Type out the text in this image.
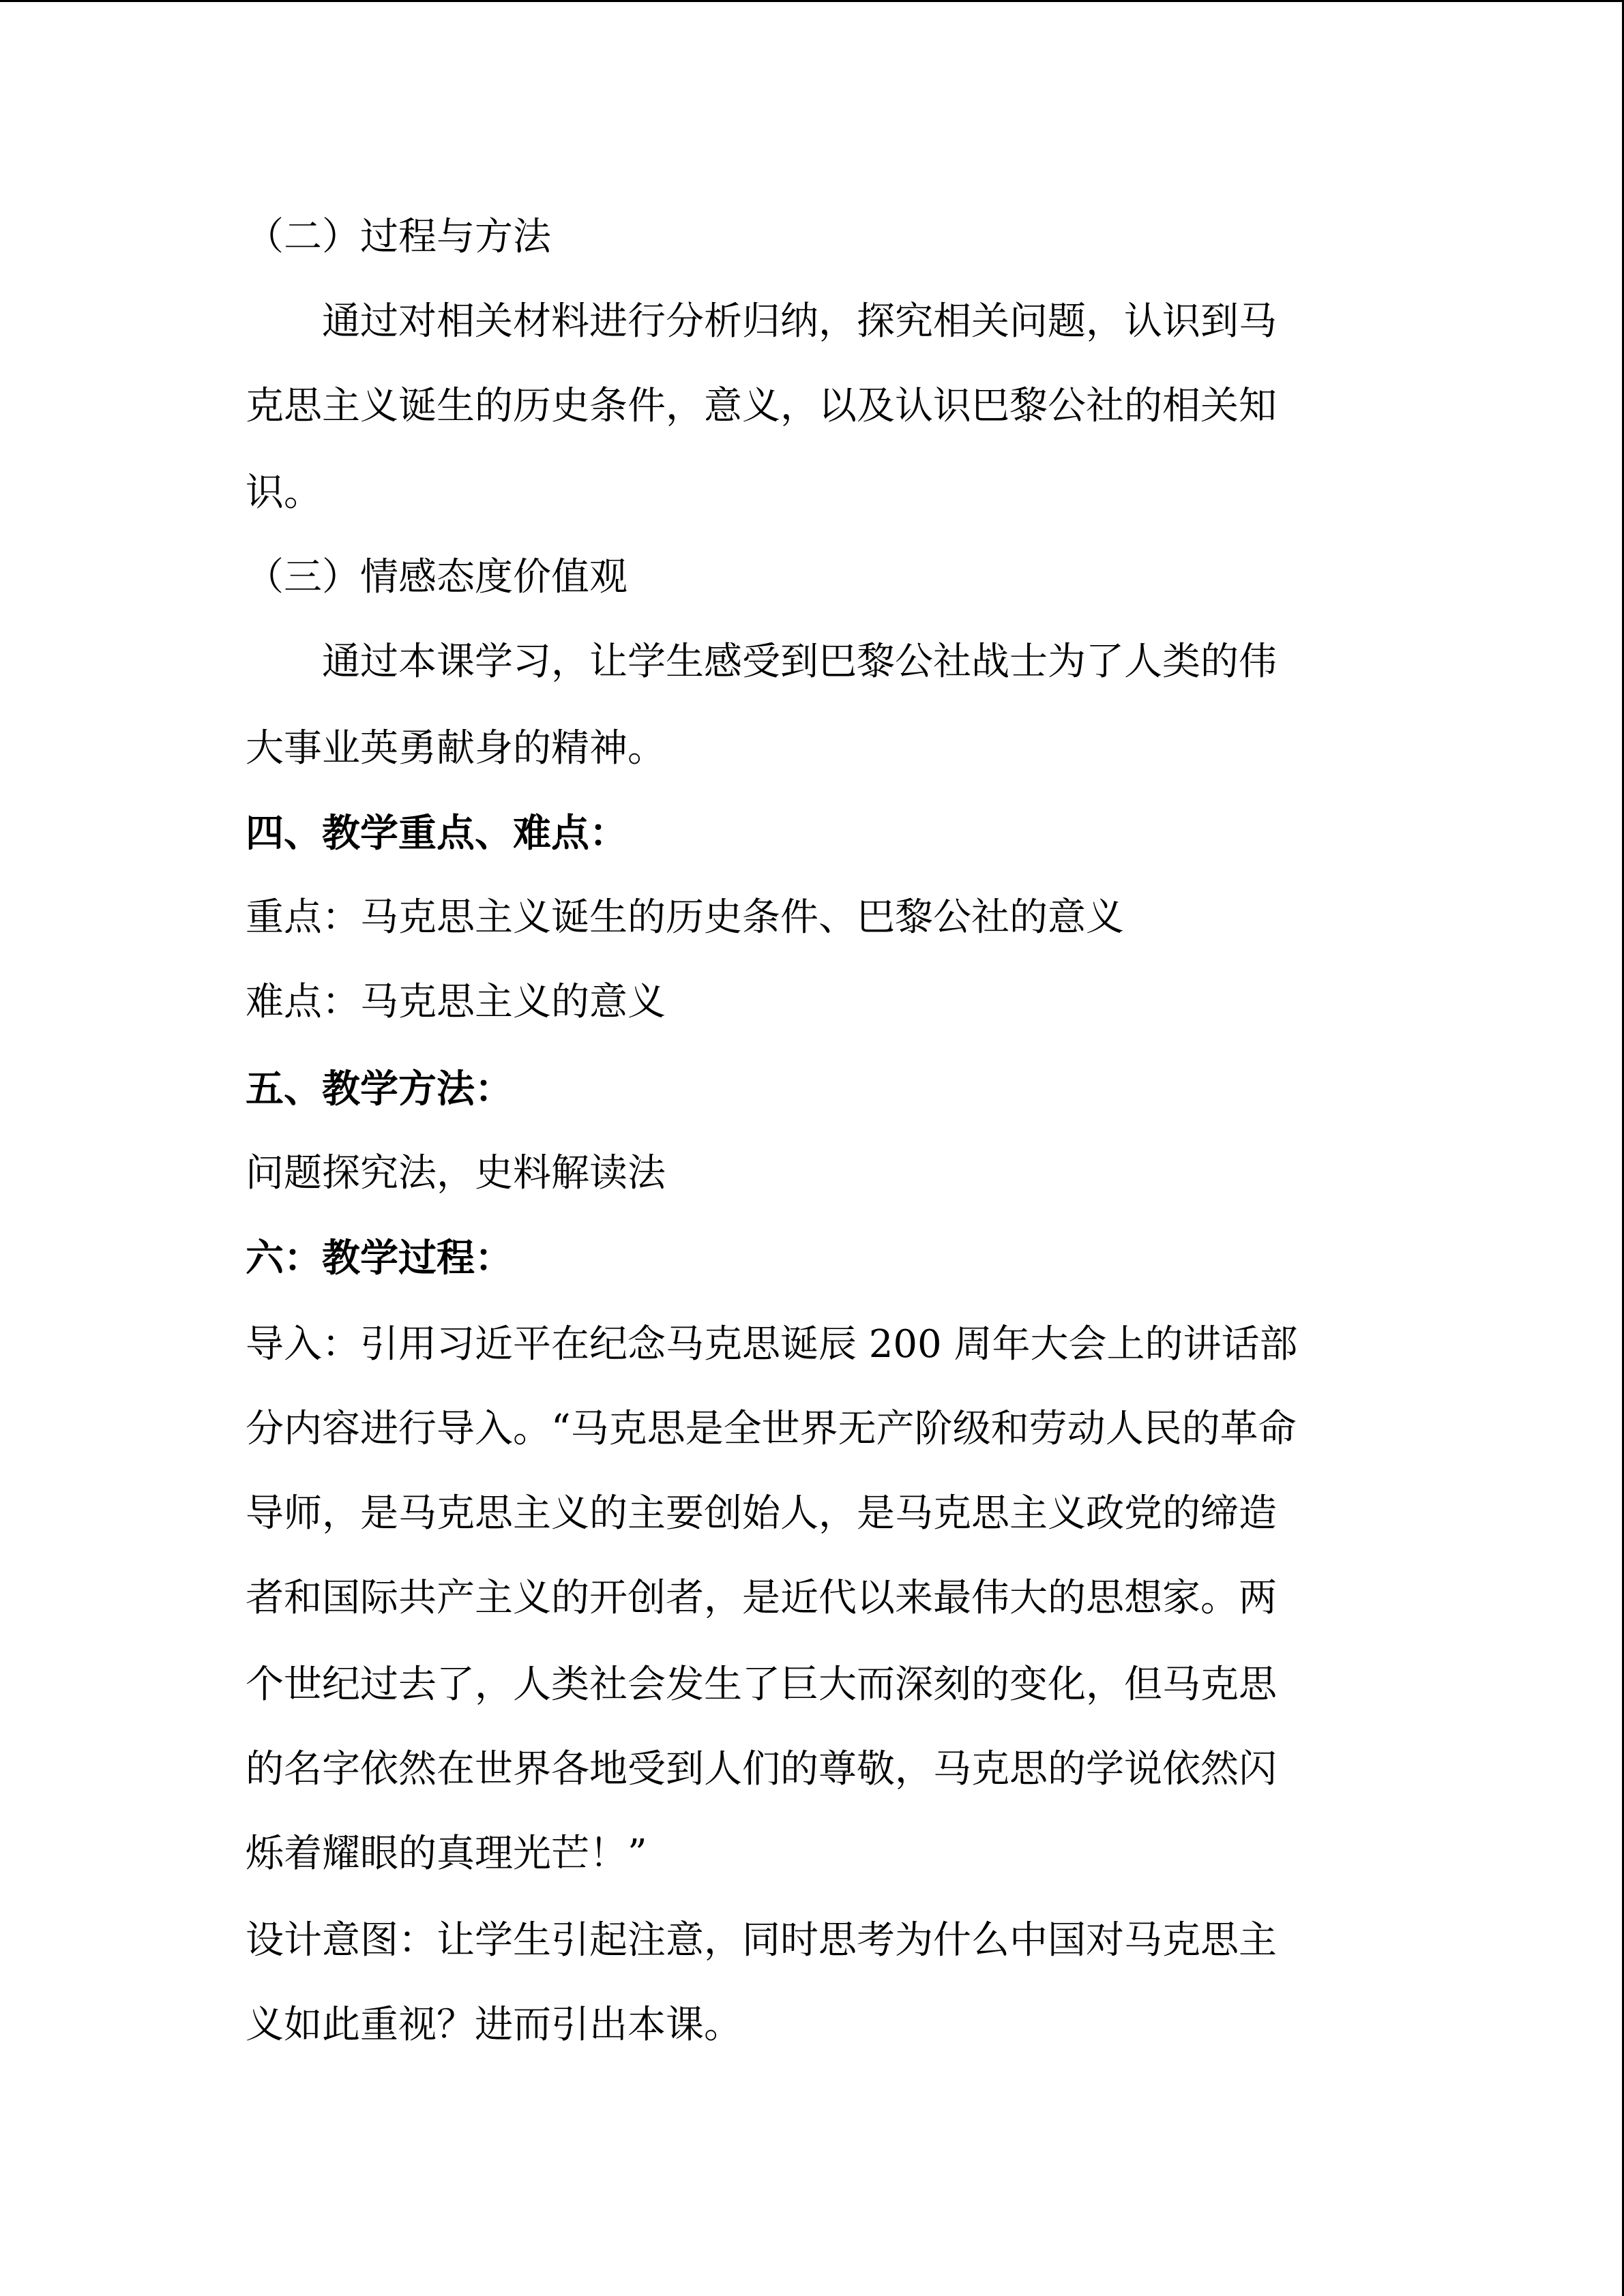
（二）过程与方法

通过对相关材料进行分析归纳，探究相关问题，认识到马

克思主义诞生的历史条件，意义，以及认识巴黎公社的相关知

识。

（三）情感态度价值观

通过本课学习，让学生感受到巴黎公社战士为了人类的伟

大事业英勇献身的精神。

四、教学重点、难点：

重点：马克思主义诞生的历史条件、巴黎公社的意义

难点：马克思主义的意义

五、教学方法：

问题探究法，史料解读法

六：教学过程：

导入：引用习近平在纪念马克思诞辰 200 周年大会上的讲话部

分内容进行导入。“马克思是全世界无产阶级和劳动人民的革命

导师，是马克思主义的主要创始人，是马克思主义政党的缔造

者和国际共产主义的开创者，是近代以来最伟大的思想家。两

个世纪过去了，人类社会发生了巨大而深刻的变化，但马克思

的名字依然在世界各地受到人们的尊敬，马克思的学说依然闪

烁着耀眼的真理光芒！”

设计意图：让学生引起注意，同时思考为什么中国对马克思主

义如此重视？进而引出本课。
